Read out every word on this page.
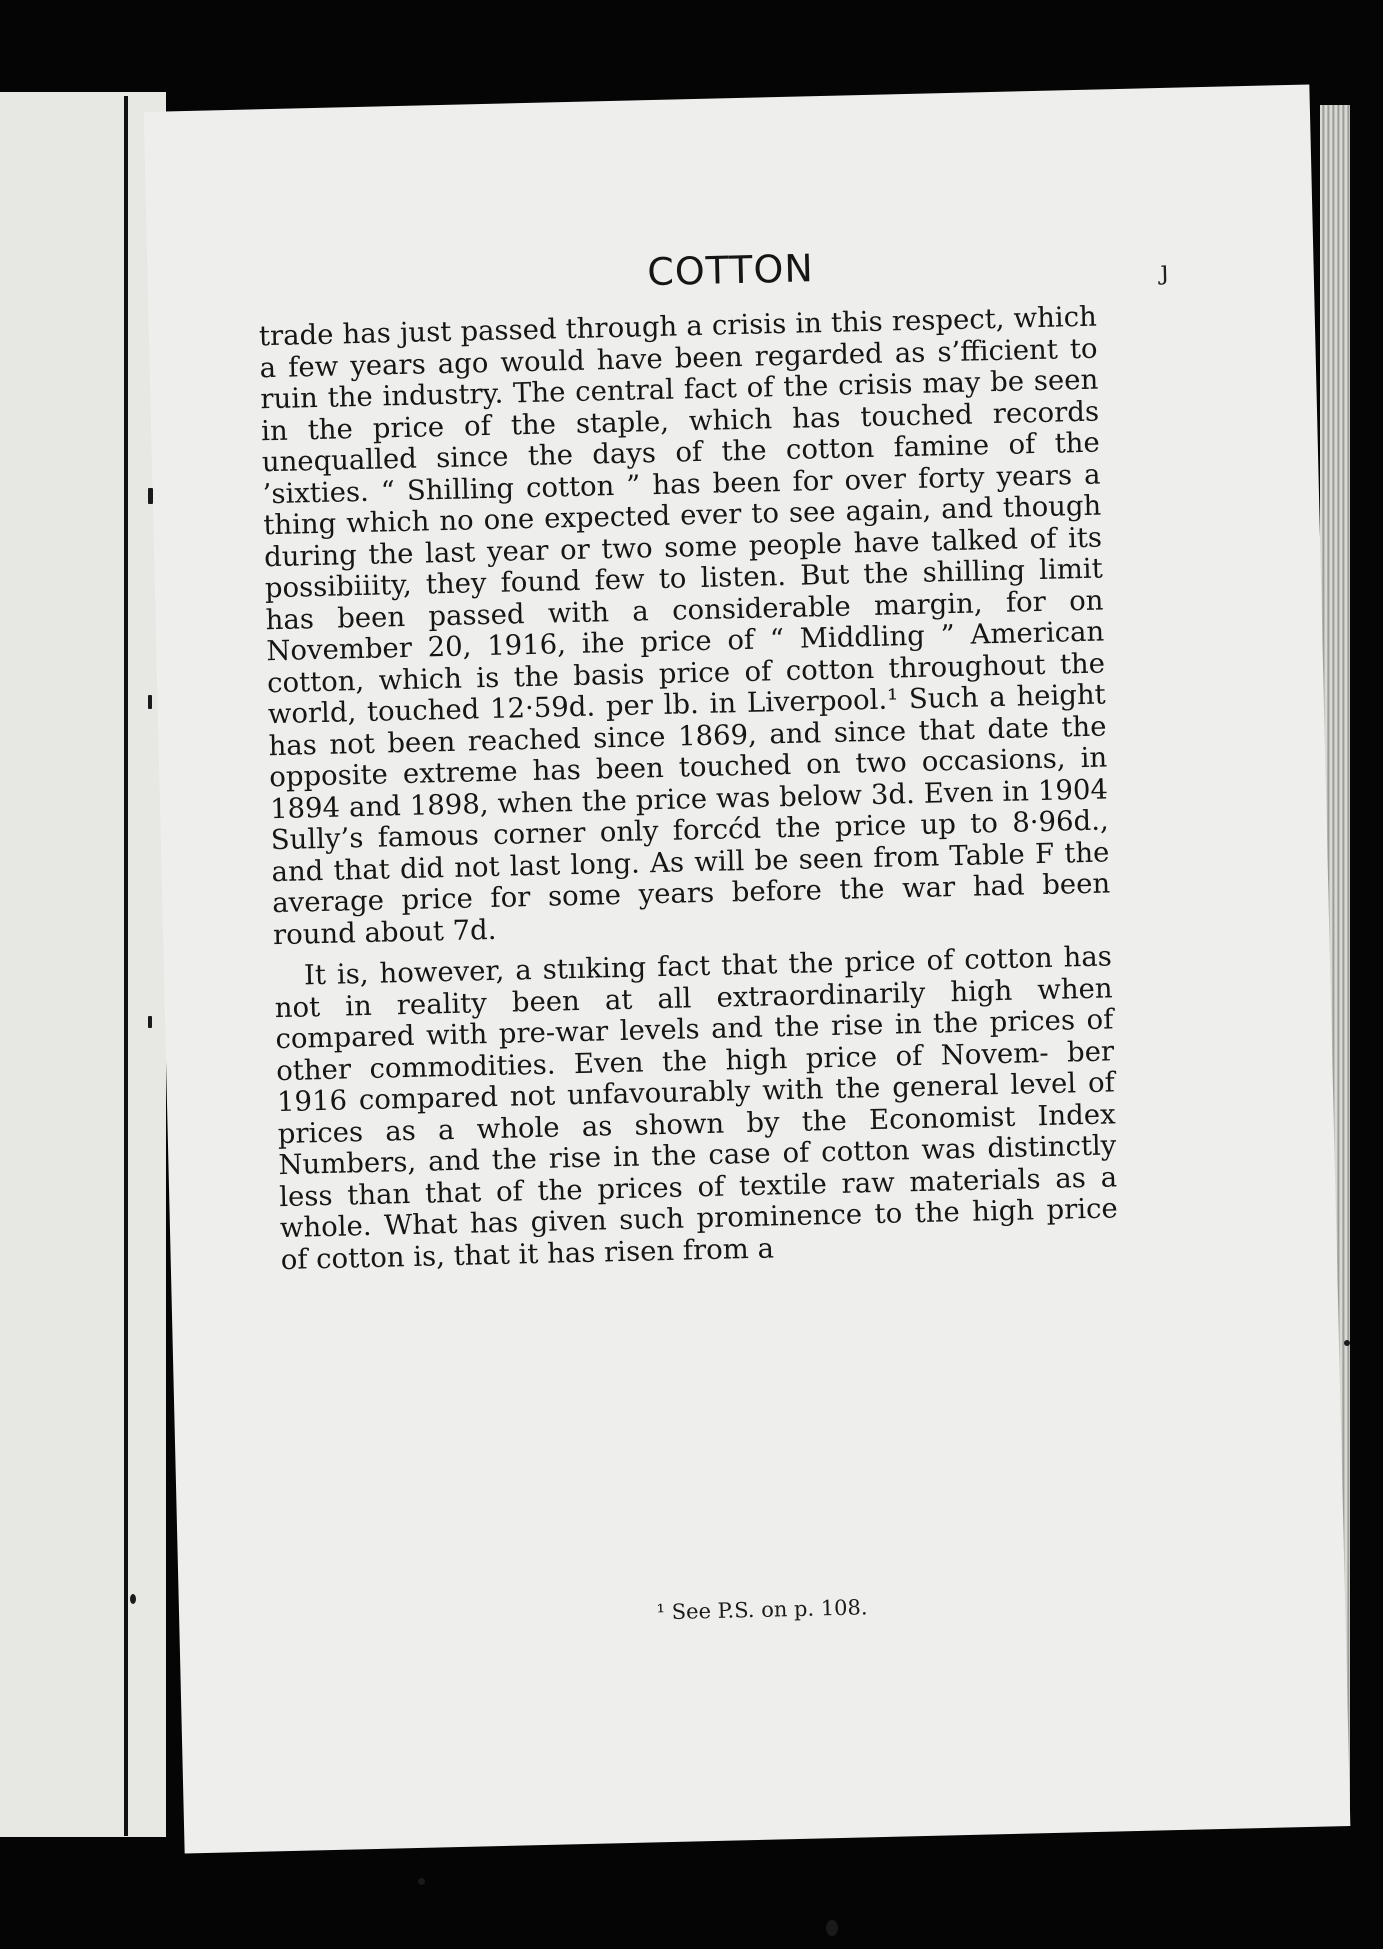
COTTON	ȷ

trade has just passed through a crisis in this respect, which a few years ago would have been regarded as s’fficient to ruin the industry. The central fact of the crisis may be seen in the price of the staple, which has touched records unequalled since the days of the cotton famine of the ’sixties. “ Shilling cotton ” has been for over forty years a thing which no one expected ever to see again, and though during the last year or two some people have talked of its possibiiity, they found few to listen. But the shilling limit has been passed with a considerable margin, for on November 20, 1916, ihe price of “ Middling ” American cotton, which is the basis price of cotton throughout the world, touched 12·59d. per lb. in Liverpool.¹ Such a height has not been reached since 1869, and since that date the opposite extreme has been touched on two occasions, in 1894 and 1898, when the price was below 3d. Even in 1904 Sully’s famous corner only forcćd the price up to 8·96d., and that did not last long. As will be seen from Table F the average price for some years before the war had been round about 7d.

It is, however, a stııking fact that the price of cotton has not in reality been at all extraordinarily high when compared with pre-war levels and the rise in the prices of other commodities. Even the high price of Novem- ber 1916 compared not unfavourably with the general level of prices as a whole as shown by the Economist Index Numbers, and the rise in the case of cotton was distinctly less than that of the prices of textile raw materials as a whole. What has given such prominence to the high price of cotton is, that it has risen from a

¹ See P.S. on p. 108.
